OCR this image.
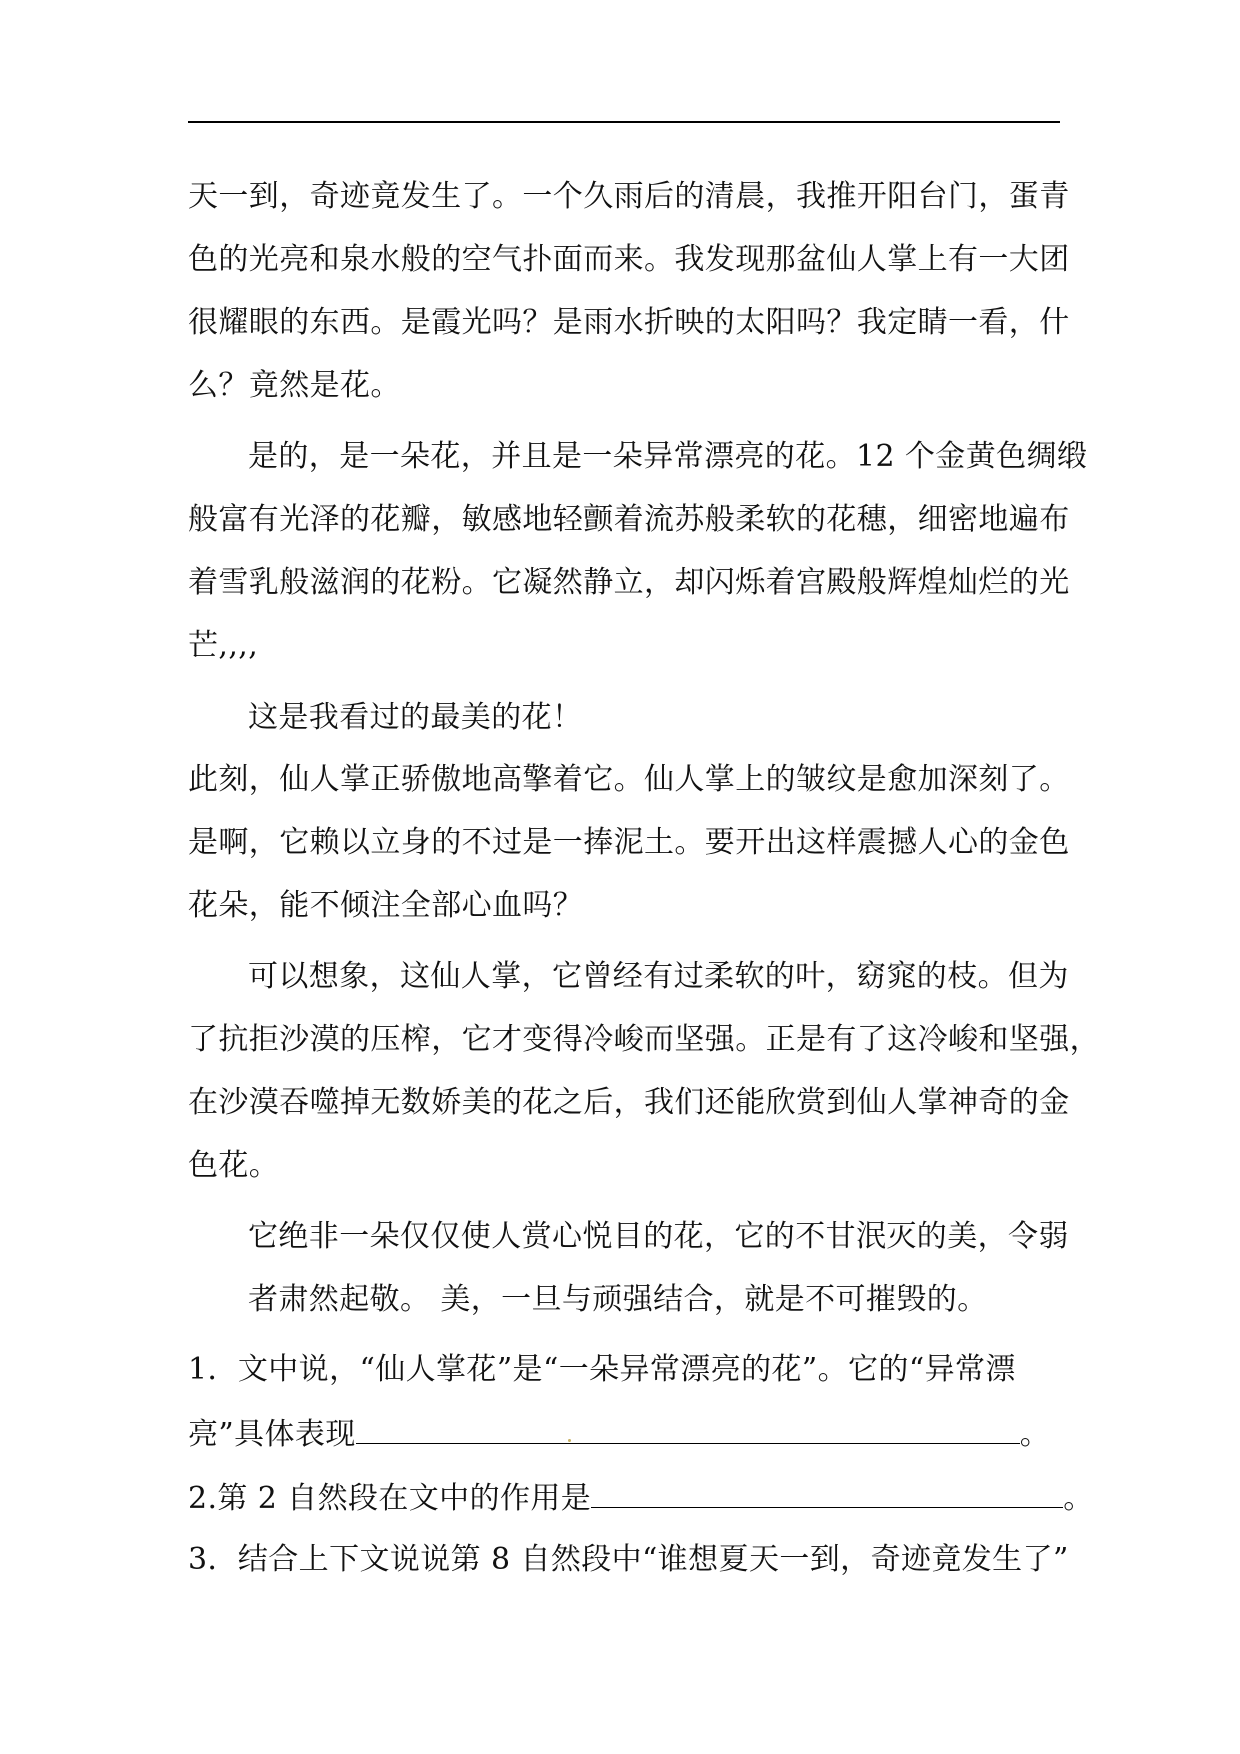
天一到，奇迹竟发生了。一个久雨后的清晨，我推开阳台门，蛋青
色的光亮和泉水般的空气扑面而来。我发现那盆仙人掌上有一大团
很耀眼的东西。是霞光吗？是雨水折映的太阳吗？我定睛一看，什
么？竟然是花。
是的，是一朵花，并且是一朵异常漂亮的花。12 个金黄色绸缎
般富有光泽的花瓣，敏感地轻颤着流苏般柔软的花穗，细密地遍布
着雪乳般滋润的花粉。它凝然静立，却闪烁着宫殿般辉煌灿烂的光
芒,,,,
这是我看过的最美的花！
此刻，仙人掌正骄傲地高擎着它。仙人掌上的皱纹是愈加深刻了。
是啊，它赖以立身的不过是一捧泥土。要开出这样震撼人心的金色
花朵，能不倾注全部心血吗？
可以想象，这仙人掌，它曾经有过柔软的叶，窈窕的枝。但为
了抗拒沙漠的压榨，它才变得冷峻而坚强。正是有了这冷峻和坚强，
在沙漠吞噬掉无数娇美的花之后，我们还能欣赏到仙人掌神奇的金
色花。
它绝非一朵仅仅使人赏心悦目的花，它的不甘泯灭的美，令弱
者肃然起敬。 美，一旦与顽强结合，就是不可摧毁的。
1．文中说，“仙人掌花”是“一朵异常漂亮的花”。它的“异常漂
亮”具体表现	。
2.第 2 自然段在文中的作用是	。
3．结合上下文说说第 8 自然段中“谁想夏天一到，奇迹竟发生了”
